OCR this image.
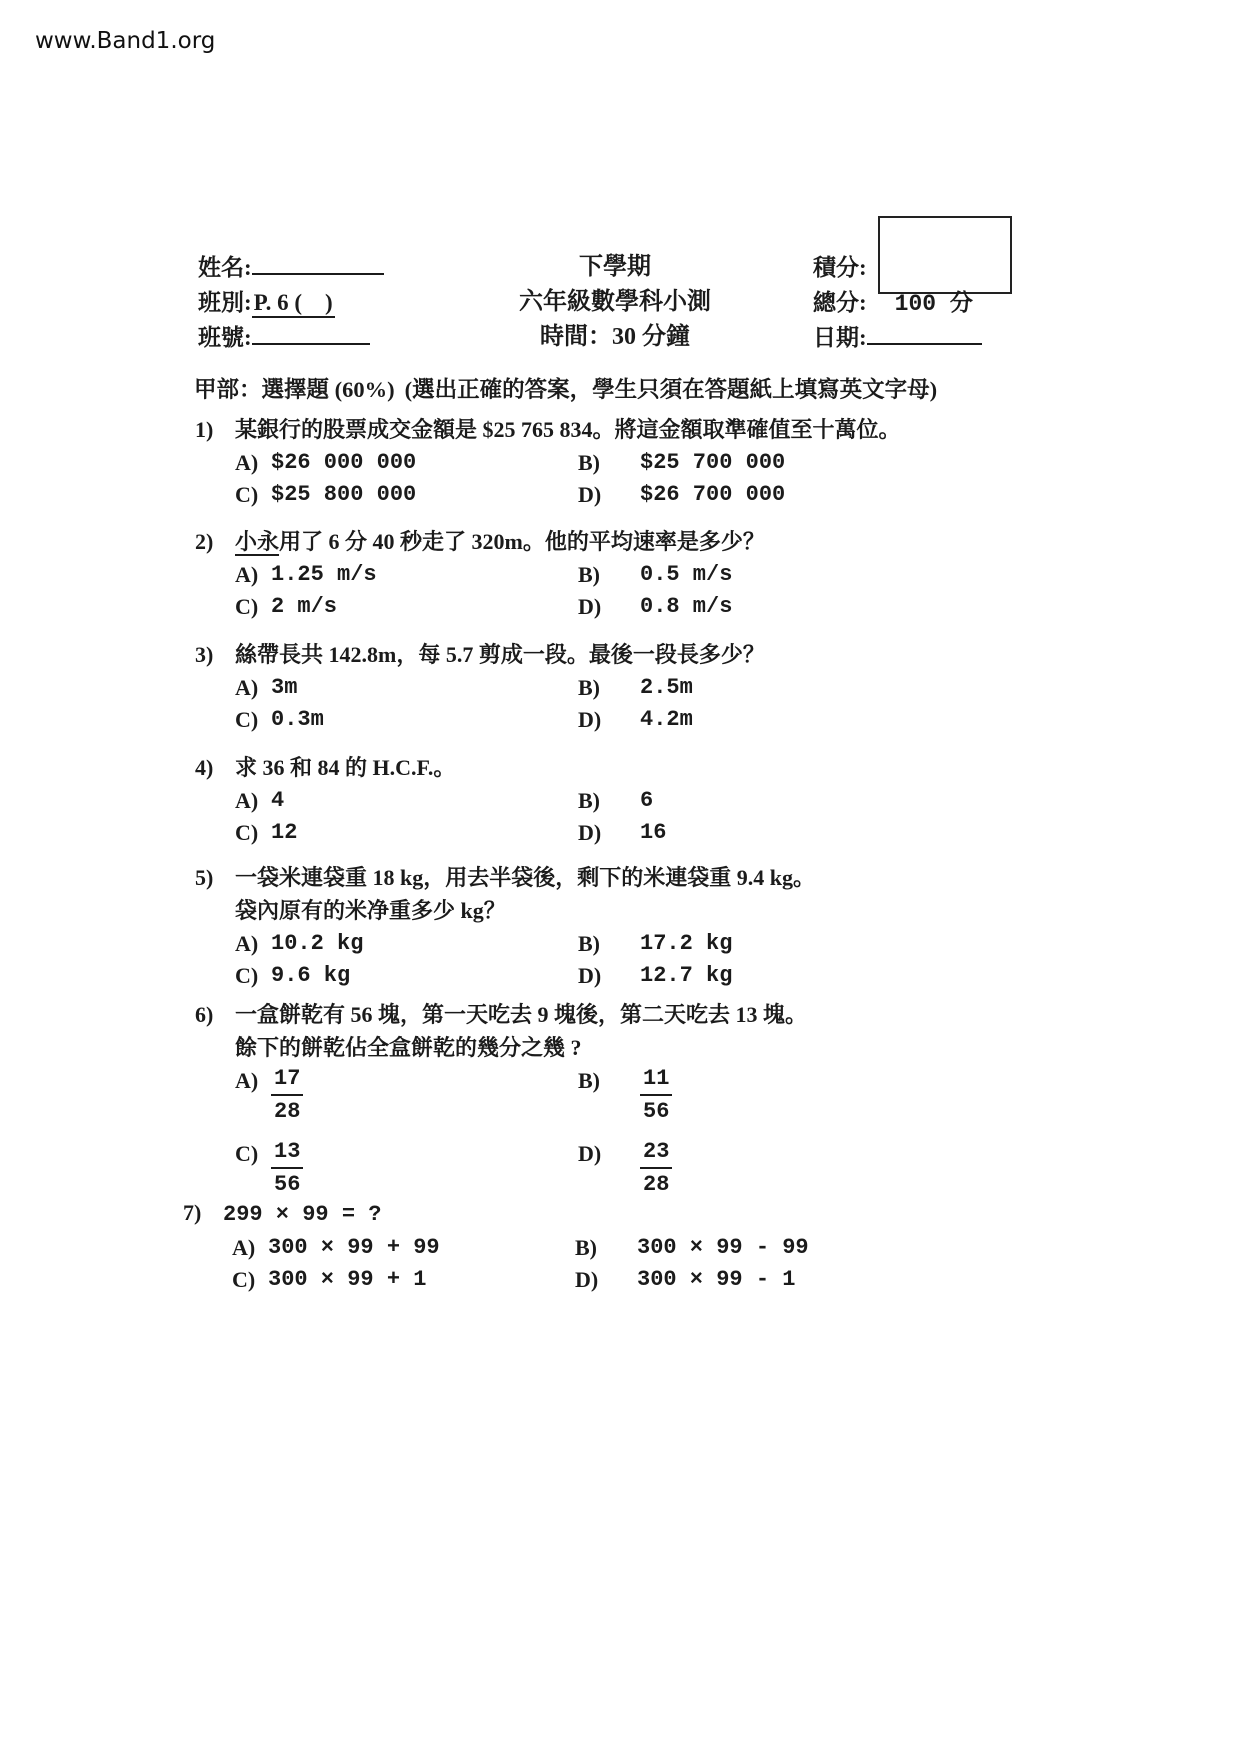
www.Band1.org
姓名:
班別:P. 6 (    )
班號:
下學期
六年級數學科小測
時間：30 分鐘
積分:
總分: 100 分
日期:
甲部：選擇題 (60%) (選出正確的答案，學生只須在答題紙上填寫英文字母)
1) 某銀行的股票成交金額是 $25 765 834。將這金額取準確值至十萬位。
A) $26 000 000	B)	$25 700 000
C) $25 800 000	D)	$26 700 000
2) 小永用了 6 分 40 秒走了 320m。他的平均速率是多少？
A) 1.25 m/s	B)	0.5 m/s
C) 2 m/s	D)	0.8 m/s
3) 絲帶長共 142.8m，每 5.7 剪成一段。最後一段長多少？
A) 3m	B)	2.5m
C) 0.3m	D)	4.2m
4) 求 36 和 84 的 H.C.F.。
A) 4	B)	6
C) 12	D)	16
5) 一袋米連袋重 18 kg，用去半袋後，剩下的米連袋重 9.4 kg。
袋內原有的米净重多少 kg？
A) 10.2 kg	B)	17.2 kg
C) 9.6 kg	D)	12.7 kg
6) 一盒餅乾有 56 塊，第一天吃去 9 塊後，第二天吃去 13 塊。
餘下的餅乾佔全盒餅乾的幾分之幾 ?
$A) \frac{17}{28}$	B)	$\frac{11}{56}$
$C) \frac{13}{56}$	D)	$\frac{23}{28}$
7) 299 × 99 = ?
A) 300 × 99 + 99	B)	300 × 99 - 99
C) 300 × 99 + 1	D)	300 × 99 - 1
